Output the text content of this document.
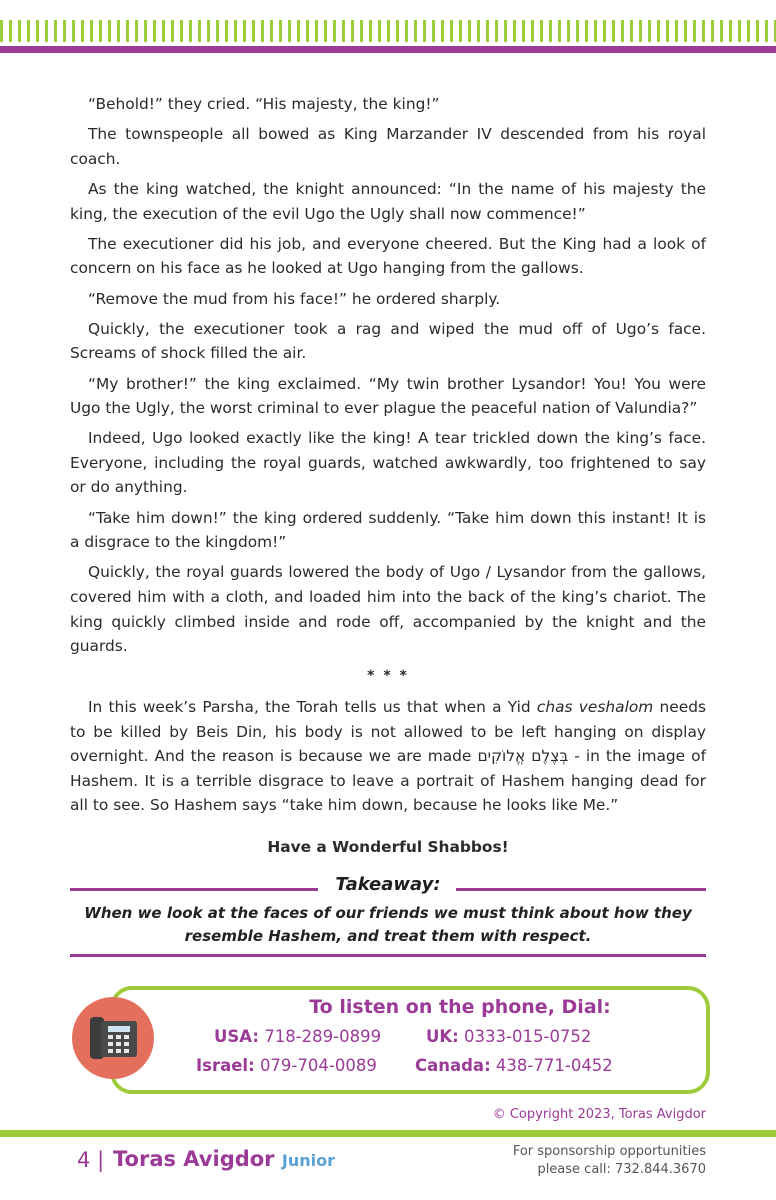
“Behold!” they cried. “His majesty, the king!”

The townspeople all bowed as King Marzander IV descended from his royal coach.

As the king watched, the knight announced: “In the name of his majesty the king, the execution of the evil Ugo the Ugly shall now commence!”

The executioner did his job, and everyone cheered. But the King had a look of concern on his face as he looked at Ugo hanging from the gallows.

“Remove the mud from his face!” he ordered sharply.

Quickly, the executioner took a rag and wiped the mud off of Ugo’s face. Screams of shock filled the air.

“My brother!” the king exclaimed. “My twin brother Lysandor! You! You were Ugo the Ugly, the worst criminal to ever plague the peaceful nation of Valundia?”

Indeed, Ugo looked exactly like the king! A tear trickled down the king’s face. Everyone, including the royal guards, watched awkwardly, too frightened to say or do anything.

“Take him down!” the king ordered suddenly. “Take him down this instant! It is a disgrace to the kingdom!”

Quickly, the royal guards lowered the body of Ugo / Lysandor from the gallows, covered him with a cloth, and loaded him into the back of the king’s chariot. The king quickly climbed inside and rode off, accompanied by the knight and the guards.

* * *

In this week’s Parsha, the Torah tells us that when a Yid chas veshalom needs to be killed by Beis Din, his body is not allowed to be left hanging on display overnight. And the reason is because we are made בְּצֶלֶם אֱלוֹקִים - in the image of Hashem. It is a terrible disgrace to leave a portrait of Hashem hanging dead for all to see. So Hashem says “take him down, because he looks like Me.”

Have a Wonderful Shabbos!
Takeaway:
When we look at the faces of our friends we must think about how they resemble Hashem, and treat them with respect.
To listen on the phone, Dial:
USA: 718-289-0899	UK: 0333-015-0752
Israel: 079-704-0089 Canada: 438-771-0452
© Copyright 2023, Toras Avigdor
4 | Toras Avigdor Junior	For sponsorship opportunities
please call: 732.844.3670
